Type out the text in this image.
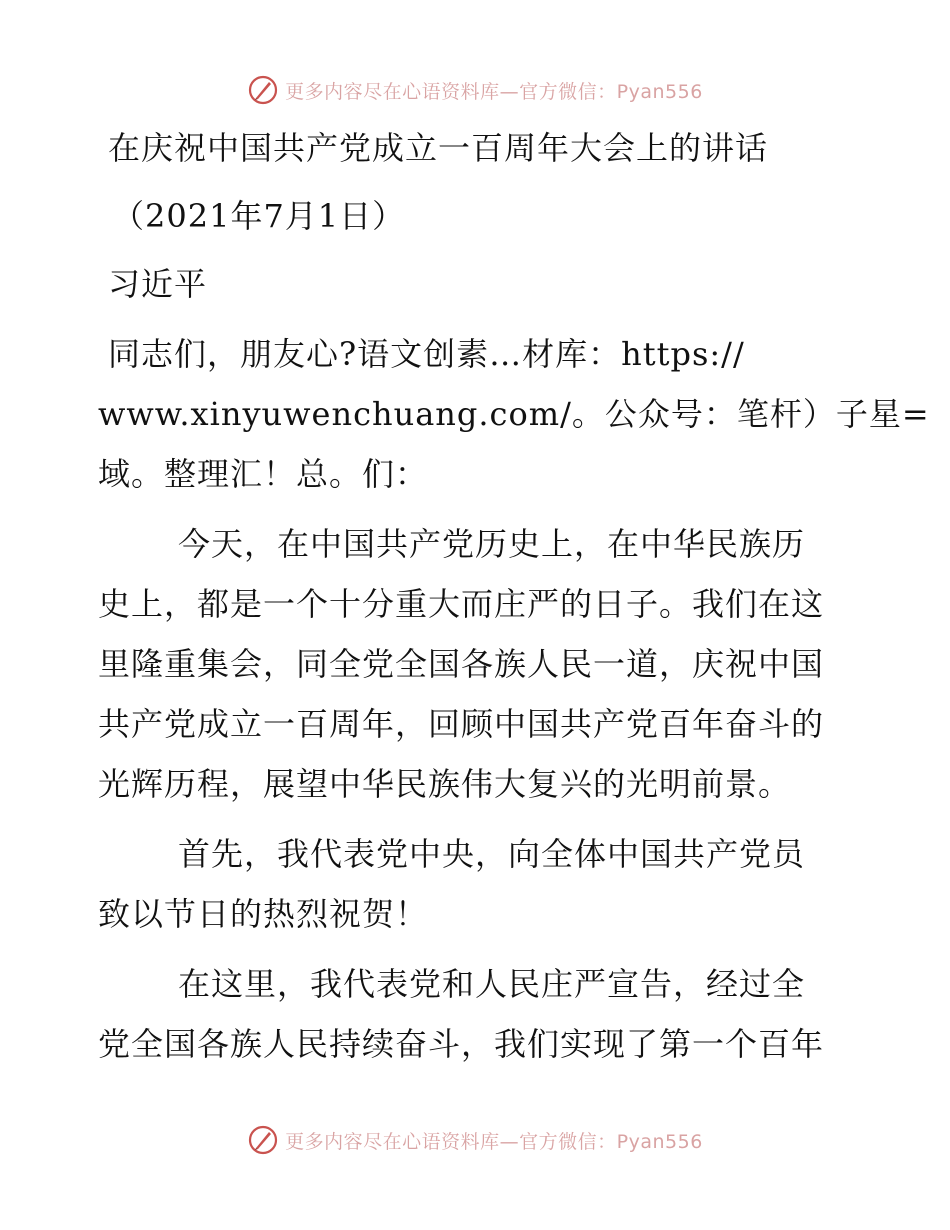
更多内容尽在心语资料库—官方微信：Pyan556
在庆祝中国共产党成立一百周年大会上的讲话
（2021年7月1日）
习近平
同志们，朋友心?语文创素…材库：https://
www.xinyuwenchuang.com/。公众号：笔杆）子星=
域。整理汇！总。们：
今天，在中国共产党历史上，在中华民族历
史上，都是一个十分重大而庄严的日子。我们在这
里隆重集会，同全党全国各族人民一道，庆祝中国
共产党成立一百周年，回顾中国共产党百年奋斗的
光辉历程，展望中华民族伟大复兴的光明前景。
首先，我代表党中央，向全体中国共产党员
致以节日的热烈祝贺！
在这里，我代表党和人民庄严宣告，经过全
党全国各族人民持续奋斗，我们实现了第一个百年
更多内容尽在心语资料库—官方微信：Pyan556
